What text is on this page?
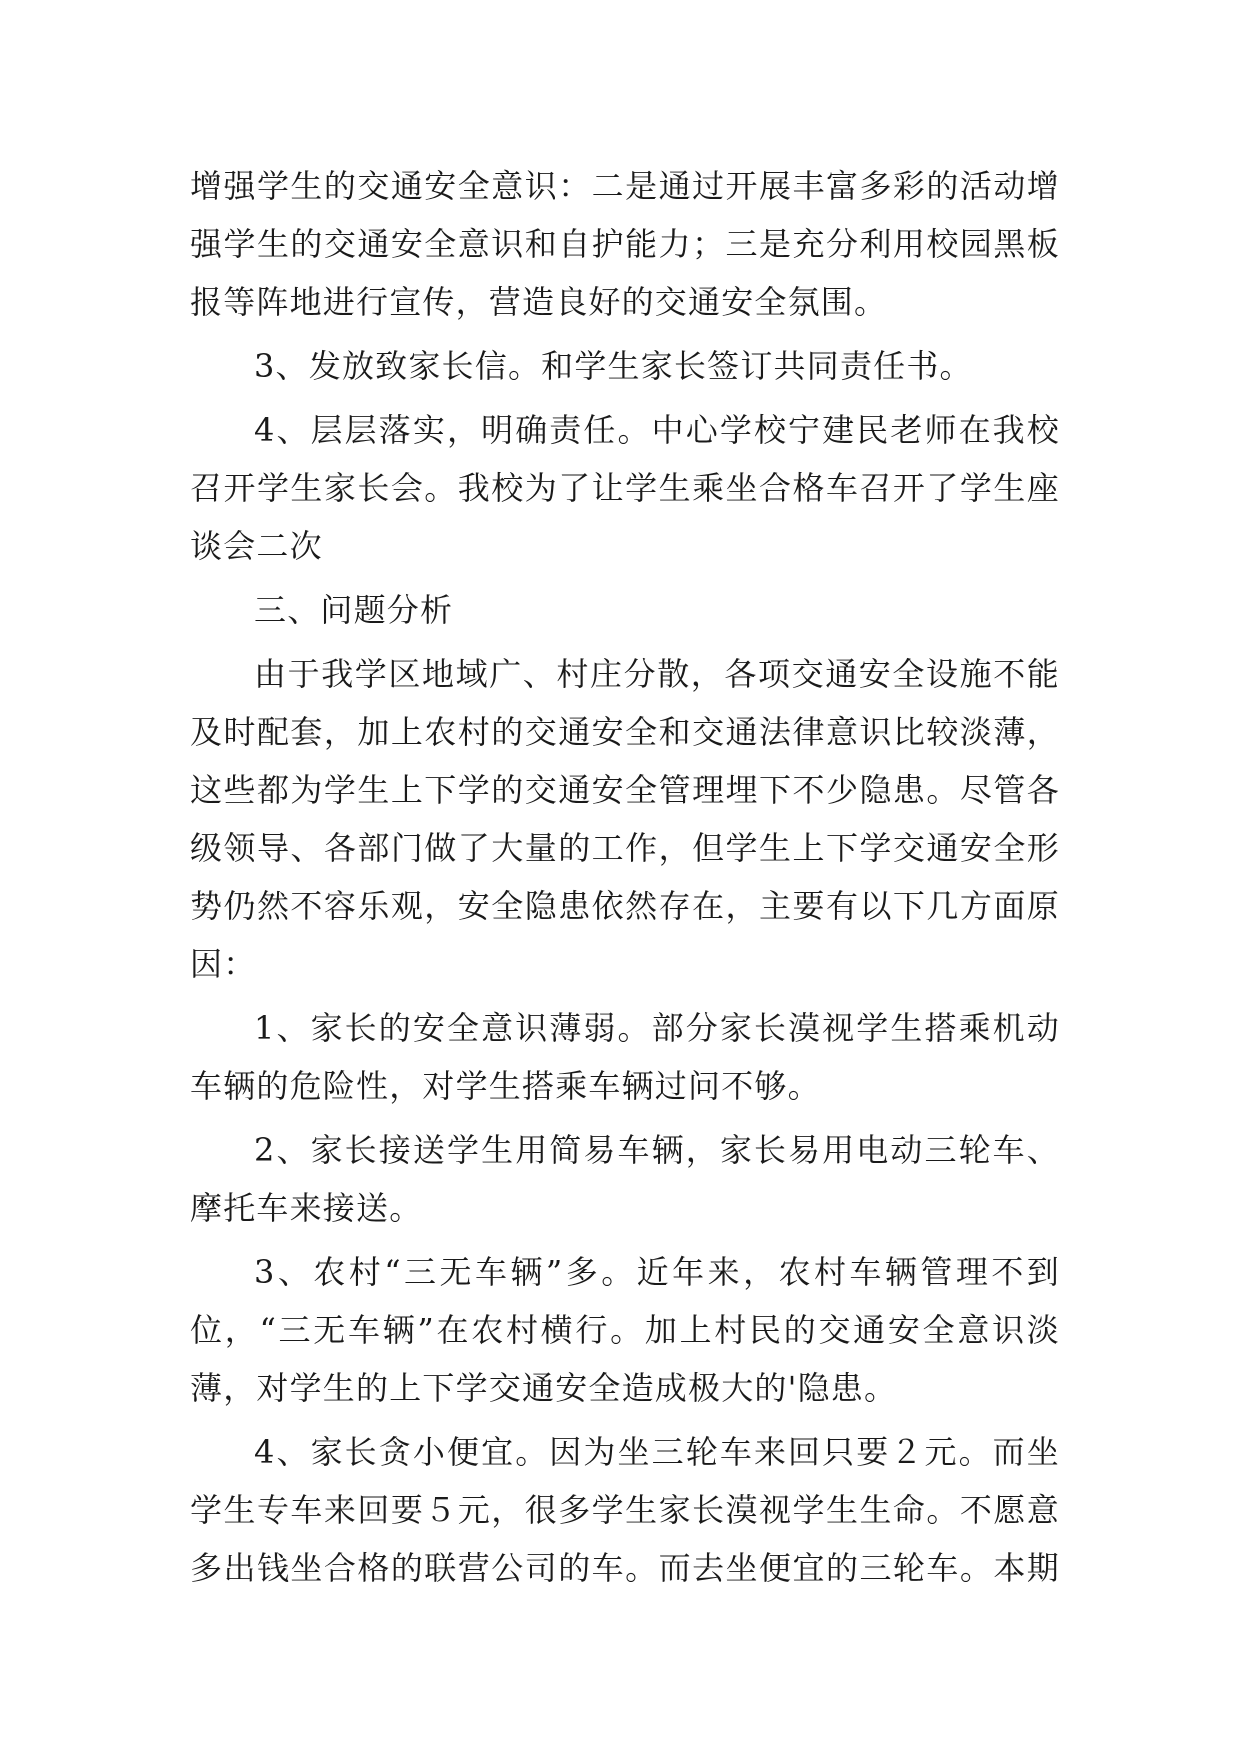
增强学生的交通安全意识：二是通过开展丰富多彩的活动增
强学生的交通安全意识和自护能力；三是充分利用校园黑板
报等阵地进行宣传，营造良好的交通安全氛围。
3、发放致家长信。和学生家长签订共同责任书。
4、层层落实，明确责任。中心学校宁建民老师在我校
召开学生家长会。我校为了让学生乘坐合格车召开了学生座
谈会二次
三、问题分析
由于我学区地域广、村庄分散，各项交通安全设施不能
及时配套，加上农村的交通安全和交通法律意识比较淡薄，
这些都为学生上下学的交通安全管理埋下不少隐患。尽管各
级领导、各部门做了大量的工作，但学生上下学交通安全形
势仍然不容乐观，安全隐患依然存在，主要有以下几方面原
因：
1、家长的安全意识薄弱。部分家长漠视学生搭乘机动
车辆的危险性，对学生搭乘车辆过问不够。
2、家长接送学生用简易车辆，家长易用电动三轮车、
摩托车来接送。
3、农村“三无车辆”多。近年来，农村车辆管理不到
位，“三无车辆”在农村横行。加上村民的交通安全意识淡
薄，对学生的上下学交通安全造成极大的'隐患。
4、家长贪小便宜。因为坐三轮车来回只要２元。而坐
学生专车来回要５元，很多学生家长漠视学生生命。不愿意
多出钱坐合格的联营公司的车。而去坐便宜的三轮车。本期
